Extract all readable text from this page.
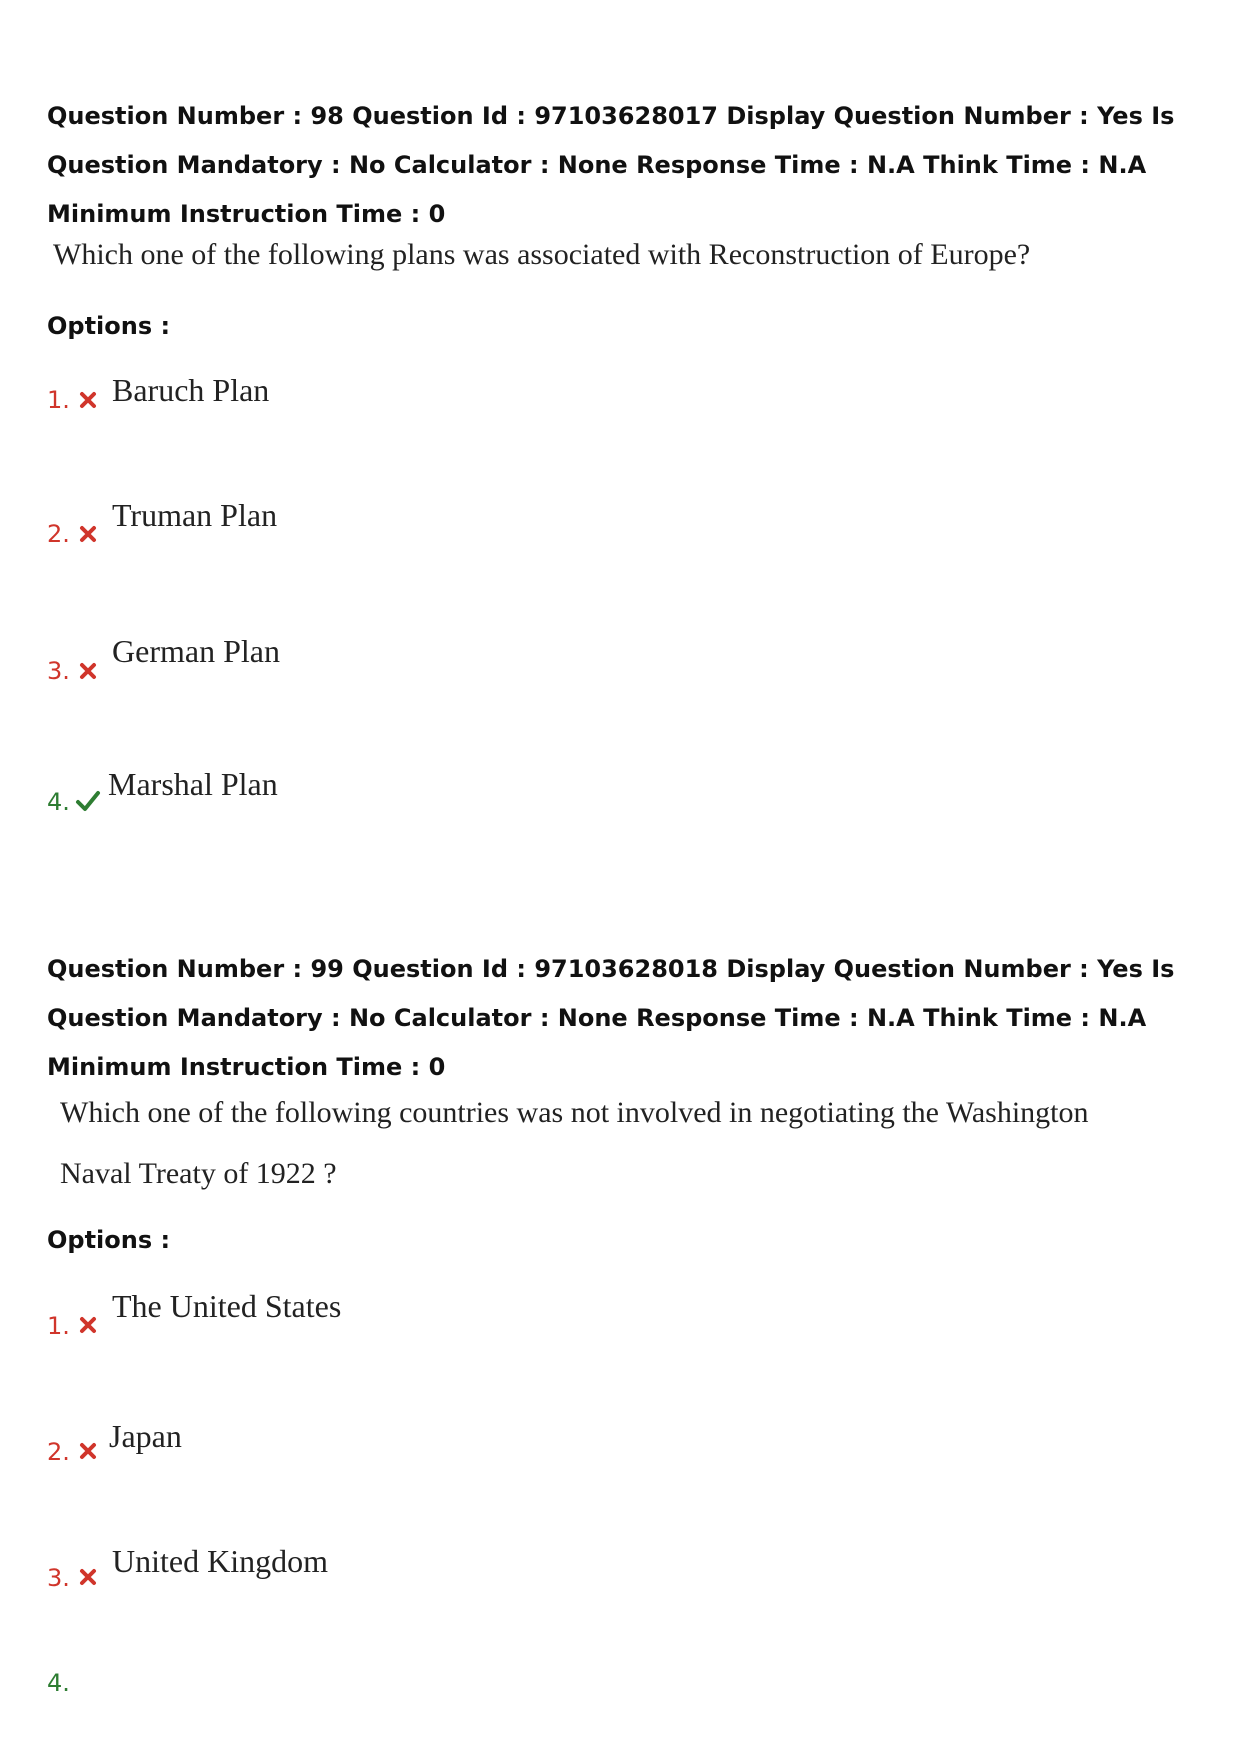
Question Number : 98 Question Id : 97103628017 Display Question Number : Yes Is Question Mandatory : No Calculator : None Response Time : N.A Think Time : N.A Minimum Instruction Time : 0
Which one of the following plans was associated with Reconstruction of Europe?
Options :
1. Baruch Plan
2.
Truman Plan
3.
German Plan
4. Marshal Plan
Question Number : 99 Question Id : 97103628018 Display Question Number : Yes Is Question Mandatory : No Calculator : None Response Time : N.A Think Time : N.A Minimum Instruction Time : 0
Which one of the following countries was not involved in negotiating the Washington
Naval Treaty of 1922 ?
Options :
1.
The United States
2. Japan
3. United Kingdom
4.
